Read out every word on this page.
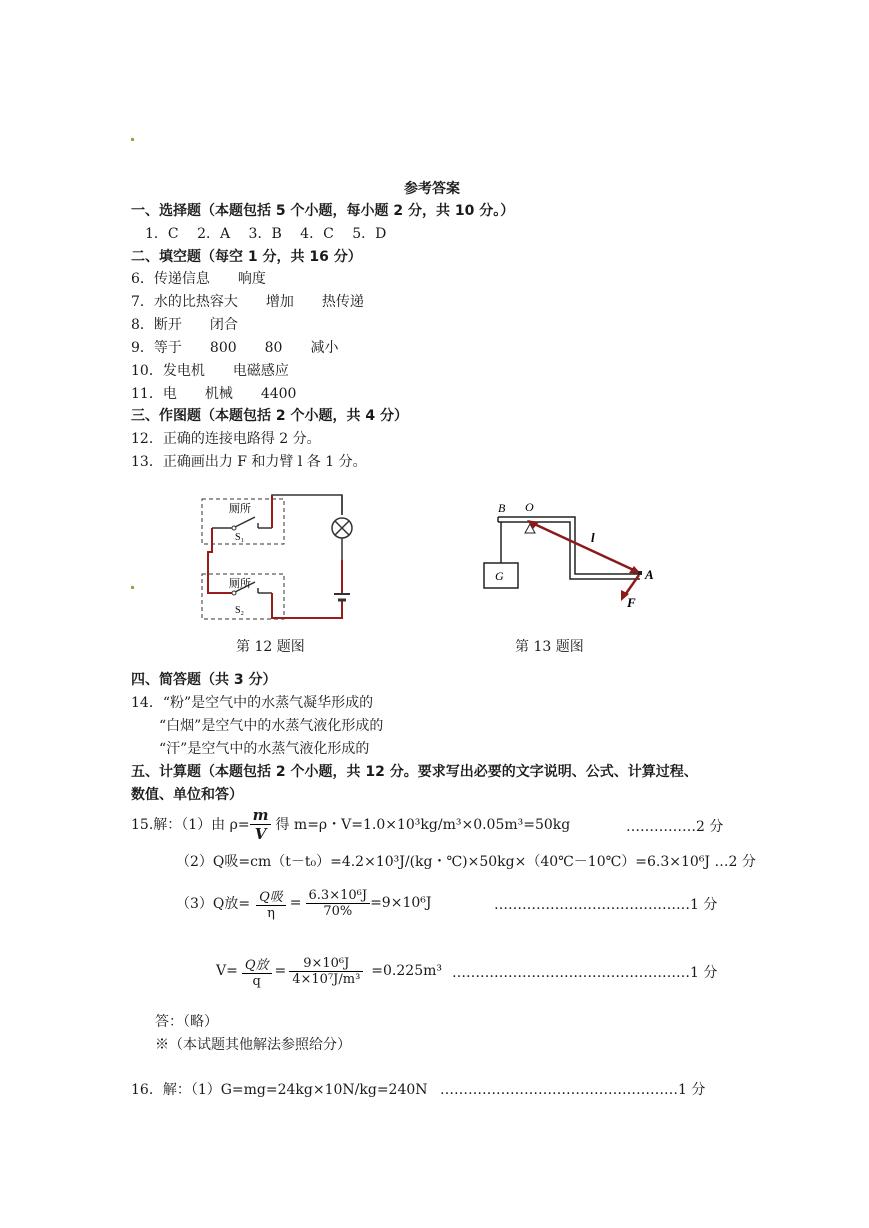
参考答案
一、选择题（本题包括 5 个小题，每小题 2 分，共 10 分。）
1．C　 2．A　 3．B　 4．C　 5．D
二、填空题（每空 1 分，共 16 分）
6．传递信息　　响度
7．水的比热容大　　增加　　热传递
8．断开　　闭合
9．等于　　800　　80　　减小
10．发电机　　电磁感应
11．电　　机械　　4400
三、作图题（本题包括 2 个小题，共 4 分）
12．正确的连接电路得 2 分。
13．正确画出力 F 和力臂 l 各 1 分。
厕所
S₁
厕所
S₂
第 12 题图
B O
G
l
A
F
第 13 题图
四、简答题（共 3 分）
14．“粉”是空气中的水蒸气凝华形成的
“白烟”是空气中的水蒸气液化形成的
“汗”是空气中的水蒸气液化形成的
五、计算题（本题包括 2 个小题，共 12 分。要求写出必要的文字说明、公式、计算过程、
数值、单位和答）
15.解：（1）由 $\rho= \frac{m}{V}$ 得 m=ρ・V=1.0×10³kg/m³×0.05m³=50kg	……………2 分
（2）Q吸=cm（t－t₀）=4.2×10³J/(kg・℃)×50kg×（40℃－10℃）=6.3×10⁶J …2 分
（3）Q放= $\frac{\text{Q吸}}{\eta} = \frac{\text{6.3×10⁶J}}{70\%} =9\times 10^6J$	……………………………………1 分
$V= \frac{\text{Q放}}{q} = \frac{\text{9×10⁶J}}{\text{4×10⁷J/m³}} =0.225m^3$ ……………………………………………1 分
答：（略）
※（本试题其他解法参照给分）
16．解：（1）G=mg=24kg×10N/kg=240N ……………………………………………1 分
